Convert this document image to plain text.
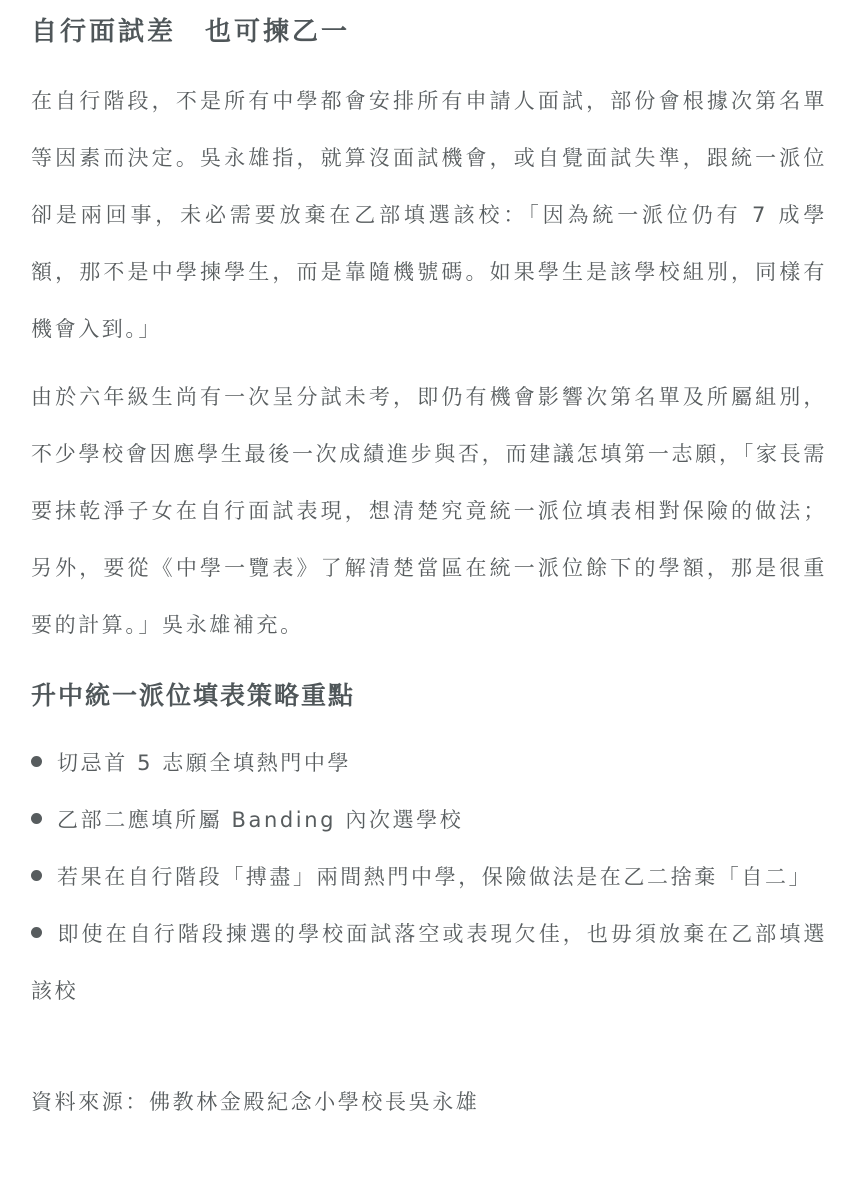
自行面試差　也可揀乙一

在自行階段，不是所有中學都會安排所有申請人面試，部份會根據次第名單等因素而決定。吳永雄指，就算沒面試機會，或自覺面試失準，跟統一派位卻是兩回事，未必需要放棄在乙部填選該校：「因為統一派位仍有 7 成學額，那不是中學揀學生，而是靠隨機號碼。如果學生是該學校組別，同樣有機會入到。」

由於六年級生尚有一次呈分試未考，即仍有機會影響次第名單及所屬組別，不少學校會因應學生最後一次成績進步與否，而建議怎填第一志願，「家長需要抹乾淨子女在自行面試表現，想清楚究竟統一派位填表相對保險的做法；另外，要從《中學一覽表》了解清楚當區在統一派位餘下的學額，那是很重要的計算。」吳永雄補充。

升中統一派位填表策略重點
切忌首 5 志願全填熱門中學
乙部二應填所屬 Banding 內次選學校
若果在自行階段「搏盡」兩間熱門中學，保險做法是在乙二捨棄「自二」
即使在自行階段揀選的學校面試落空或表現欠佳，也毋須放棄在乙部填選該校

資料來源：佛教林金殿紀念小學校長吳永雄
